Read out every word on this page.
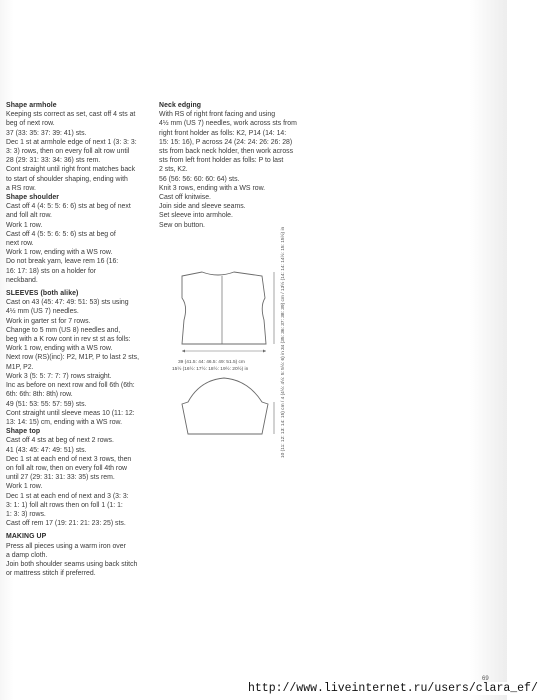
Shape armhole
Keeping sts correct as set, cast off 4 sts at
beg of next row.
37 (33: 35: 37: 39: 41) sts.
Dec 1 st at armhole edge of next 1 (3: 3: 3:
3: 3) rows, then on every foll alt row until
28 (29: 31: 33: 34: 36) sts rem.
Cont straight until right front matches back
to start of shoulder shaping, ending with
a RS row.
Shape shoulder
Cast off 4 (4: 5: 5: 6: 6) sts at beg of next
and foll alt row.
Work 1 row.
Cast off 4 (5: 5: 6: 5: 6) sts at beg of
next row.
Work 1 row, ending with a WS row.
Do not break yarn, leave rem 16 (16:
16: 17: 18) sts on a holder for
neckband.
SLEEVES (both alike)
Cast on 43 (45: 47: 49: 51: 53) sts using
4½ mm (US 7) needles.
Work in garter st for 7 rows.
Change to 5 mm (US 8) needles and,
beg with a K row cont in rev st st as folls:
Work 1 row, ending with a WS row.
Next row (RS)(inc): P2, M1P, P to last 2 sts,
M1P, P2.
Work 3 (5: 5: 7: 7: 7) rows straight.
Inc as before on next row and foll 6th (6th:
6th: 6th: 8th: 8th) row.
49 (51: 53: 55: 57: 59) sts.
Cont straight until sleeve meas 10 (11: 12:
13: 14: 15) cm, ending with a WS row.
Shape top
Cast off 4 sts at beg of next 2 rows.
41 (43: 45: 47: 49: 51) sts.
Dec 1 st at each end of next 3 rows, then
on foll alt row, then on every foll 4th row
until 27 (29: 31: 31: 33: 35) sts rem.
Work 1 row.
Dec 1 st at each end of next and 3 (3: 3:
3: 1: 1) foll alt rows then on foll 1 (1: 1:
1: 3: 3) rows.
Cast off rem 17 (19: 21: 21: 23: 25) sts.
MAKING UP
Press all pieces using a warm iron over
a damp cloth.
Join both shoulder seams using back stitch
or mattress stitch if preferred.
Neck edging
With RS of right front facing and using
4½ mm (US 7) needles, work across sts from
right front holder as folls: K2, P14 (14: 14:
15: 15: 16), P across 24 (24: 24: 26: 26: 28)
sts from back neck holder, then work across
sts from left front holder as folls: P to last
2 sts, K2.
56 (56: 56: 60: 60: 64) sts.
Knit 3 rows, ending with a WS row.
Cast off knitwise.
Join side and sleeve seams.
Set sleeve into armhole.
Sew on button.
39 (41.5: 44: 46.5: 49: 51.5) cm
15½ (16½: 17½: 18½: 19½: 20½) in
34 (35: 36: 37: 38: 39) cm / 13½ (14: 14: 14½: 15: 15½) in
10 (11: 12: 13: 14: 15) cm / 4 (4½: 4½: 5: 5½: 6) in
69
http://www.liveinternet.ru/users/clara_ef/
